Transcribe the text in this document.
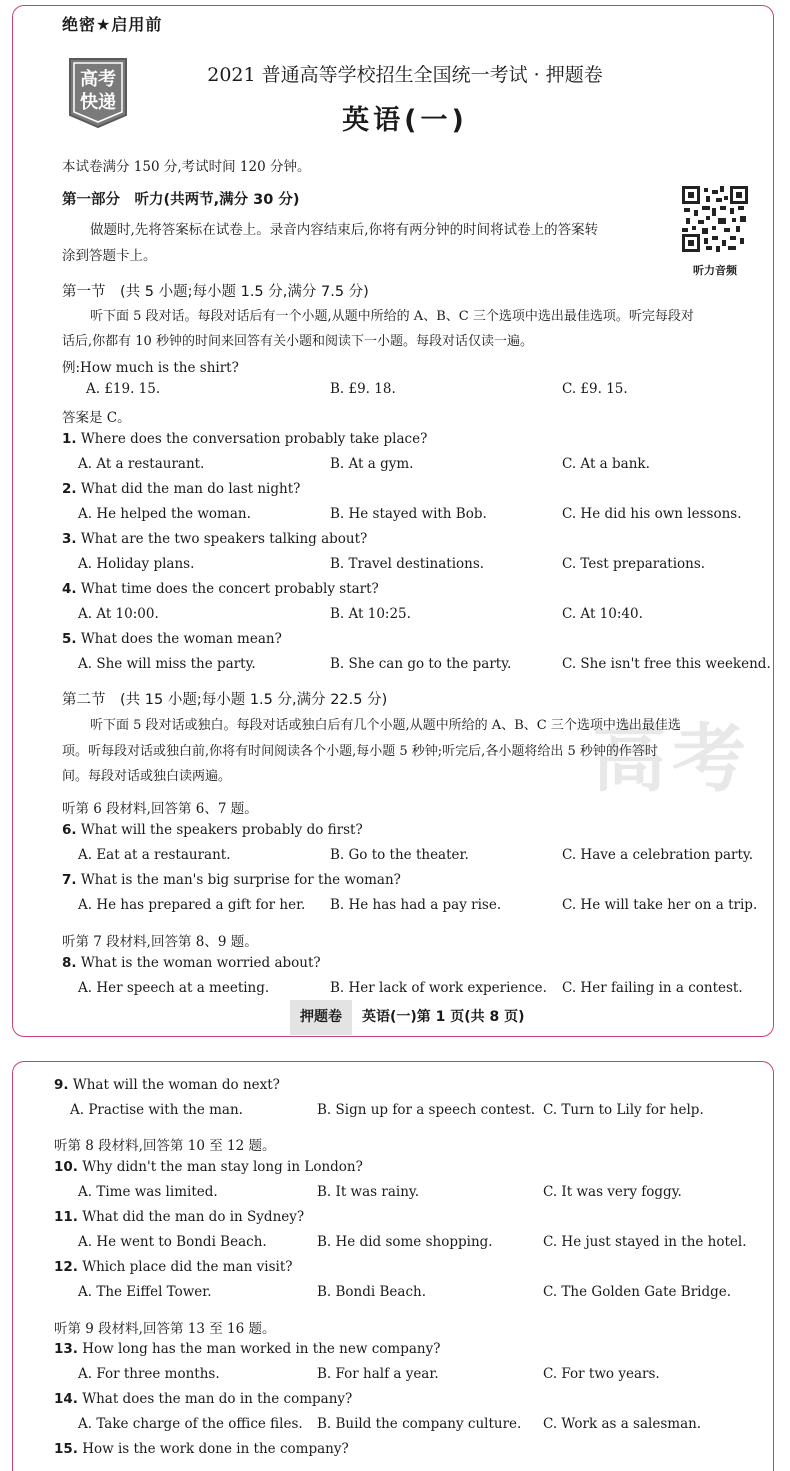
绝密★启用前
高考
快递
2021 普通高等学校招生全国统一考试 · 押题卷
英语(一)
本试卷满分 150 分,考试时间 120 分钟。
第一部分　听力(共两节,满分 30 分)
做题时,先将答案标在试卷上。录音内容结束后,你将有两分钟的时间将试卷上的答案转
涂到答题卡上。
听力音频
第一节　(共 5 小题;每小题 1.5 分,满分 7.5 分)
听下面 5 段对话。每段对话后有一个小题,从题中所给的 A、B、C 三个选项中选出最佳选项。听完每段对
话后,你都有 10 秒钟的时间来回答有关小题和阅读下一小题。每段对话仅读一遍。
例:How much is the shirt?
A. £19. 15.	B. £9. 18.	C. £9. 15.
答案是 C。
1. Where does the conversation probably take place?
A. At a restaurant.	B. At a gym.	C. At a bank.
2. What did the man do last night?
A. He helped the woman.	B. He stayed with Bob.	C. He did his own lessons.
3. What are the two speakers talking about?
A. Holiday plans.	B. Travel destinations.	C. Test preparations.
4. What time does the concert probably start?
A. At 10:00.	B. At 10:25.	C. At 10:40.
5. What does the woman mean?
A. She will miss the party.	B. She can go to the party.	C. She isn't free this weekend.
高考
第二节　(共 15 小题;每小题 1.5 分,满分 22.5 分)
听下面 5 段对话或独白。每段对话或独白后有几个小题,从题中所给的 A、B、C 三个选项中选出最佳选
项。听每段对话或独白前,你将有时间阅读各个小题,每小题 5 秒钟;听完后,各小题将给出 5 秒钟的作答时
间。每段对话或独白读两遍。
听第 6 段材料,回答第 6、7 题。
6. What will the speakers probably do first?
A. Eat at a restaurant.	B. Go to the theater.	C. Have a celebration party.
7. What is the man's big surprise for the woman?
A. He has prepared a gift for her. B. He has had a pay rise.	C. He will take her on a trip.
听第 7 段材料,回答第 8、9 题。
8. What is the woman worried about?
A. Her speech at a meeting.	B. Her lack of work experience. C. Her failing in a contest.
押题卷 英语(一)第 1 页(共 8 页)
9. What will the woman do next?
A. Practise with the man.	B. Sign up for a speech contest. C. Turn to Lily for help.
听第 8 段材料,回答第 10 至 12 题。
10. Why didn't the man stay long in London?
A. Time was limited.	B. It was rainy.	C. It was very foggy.
11. What did the man do in Sydney?
A. He went to Bondi Beach.	B. He did some shopping.	C. He just stayed in the hotel.
12. Which place did the man visit?
A. The Eiffel Tower.	B. Bondi Beach.	C. The Golden Gate Bridge.
听第 9 段材料,回答第 13 至 16 题。
13. How long has the man worked in the new company?
A. For three months.	B. For half a year.	C. For two years.
14. What does the man do in the company?
A. Take charge of the office files. B. Build the company culture. C. Work as a salesman.
15. How is the work done in the company?
